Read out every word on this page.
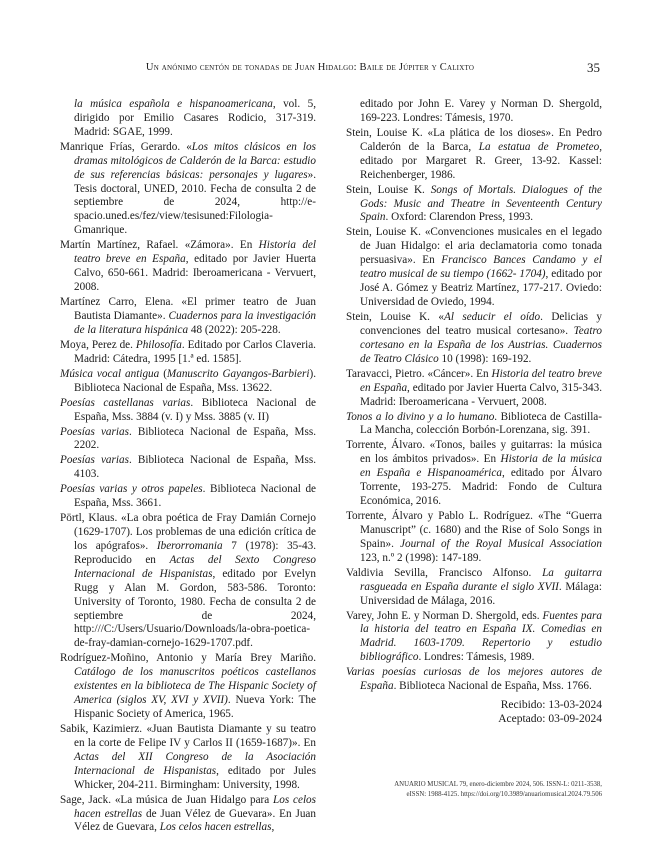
Un anónimo centón de tonadas de Juan Hidalgo: Baile de Júpiter y Calixto	35

la música española e hispanoamericana, vol. 5, dirigido por Emilio Casares Rodicio, 317-319. Madrid: SGAE, 1999.

Manrique Frías, Gerardo. «Los mitos clásicos en los dramas mitológicos de Calderón de la Barca: estudio de sus referencias básicas: personajes y lugares». Tesis doctoral, UNED, 2010. Fecha de consulta 2 de septiembre de 2024, http://e-spacio.uned.es/fez/view/tesisuned:Filologia-Gmanrique.

Martín Martínez, Rafael. «Zámora». En Historia del teatro breve en España, editado por Javier Huerta Calvo, 650-661. Madrid: Iberoamericana - Vervuert, 2008.

Martínez Carro, Elena. «El primer teatro de Juan Bautista Diamante». Cuadernos para la investigación de la literatura hispánica 48 (2022): 205-228.

Moya, Perez de. Philosofía. Editado por Carlos Claveria. Madrid: Cátedra, 1995 [1.ª ed. 1585].

Música vocal antigua (Manuscrito Gayangos-Barbieri). Biblioteca Nacional de España, Mss. 13622.

Poesías castellanas varias. Biblioteca Nacional de España, Mss. 3884 (v. I) y Mss. 3885 (v. II)

Poesías varias. Biblioteca Nacional de España, Mss. 2202.

Poesías varias. Biblioteca Nacional de España, Mss. 4103.

Poesías varias y otros papeles. Biblioteca Nacional de España, Mss. 3661.

Pörtl, Klaus. «La obra poética de Fray Damián Cornejo (1629-1707). Los problemas de una edición crítica de los apógrafos». Iberorromania 7 (1978): 35-43. Reproducido en Actas del Sexto Congreso Internacional de Hispanistas, editado por Evelyn Rugg y Alan M. Gordon, 583-586. Toronto: University of Toronto, 1980. Fecha de consulta 2 de septiembre de 2024, http:///C:/Users/Usuario/Downloads/la-obra-poetica-de-fray-damian-cornejo-1629-1707.pdf.

Rodríguez-Moñino, Antonio y María Brey Mariño. Catálogo de los manuscritos poéticos castellanos existentes en la biblioteca de The Hispanic Society of America (siglos XV, XVI y XVII). Nueva York: The Hispanic Society of America, 1965.

Sabik, Kazimierz. «Juan Bautista Diamante y su teatro en la corte de Felipe IV y Carlos II (1659-1687)». En Actas del XII Congreso de la Asociación Internacional de Hispanistas, editado por Jules Whicker, 204-211. Birmingham: University, 1998.

Sage, Jack. «La música de Juan Hidalgo para Los celos hacen estrellas de Juan Vélez de Guevara». En Juan Vélez de Guevara, Los celos hacen estrellas,

editado por John E. Varey y Norman D. Shergold, 169-223. Londres: Támesis, 1970.

Stein, Louise K. «La plática de los dioses». En Pedro Calderón de la Barca, La estatua de Prometeo, editado por Margaret R. Greer, 13-92. Kassel: Reichenberger, 1986.

Stein, Louise K. Songs of Mortals. Dialogues of the Gods: Music and Theatre in Seventeenth Century Spain. Oxford: Clarendon Press, 1993.

Stein, Louise K. «Convenciones musicales en el legado de Juan Hidalgo: el aria declamatoria como tonada persuasiva». En Francisco Bances Candamo y el teatro musical de su tiempo (1662- 1704), editado por José A. Gómez y Beatriz Martínez, 177-217. Oviedo: Universidad de Oviedo, 1994.

Stein, Louise K. «Al seducir el oído. Delicias y convenciones del teatro musical cortesano». Teatro cortesano en la España de los Austrias. Cuadernos de Teatro Clásico 10 (1998): 169-192.

Taravacci, Pietro. «Cáncer». En Historia del teatro breve en España, editado por Javier Huerta Calvo, 315-343. Madrid: Iberoamericana - Vervuert, 2008.

Tonos a lo divino y a lo humano. Biblioteca de Castilla-La Mancha, colección Borbón-Lorenzana, sig. 391.

Torrente, Álvaro. «Tonos, bailes y guitarras: la música en los ámbitos privados». En Historia de la música en España e Hispanoamérica, editado por Álvaro Torrente, 193-275. Madrid: Fondo de Cultura Económica, 2016.

Torrente, Álvaro y Pablo L. Rodríguez. «The “Guerra Manuscript” (c. 1680) and the Rise of Solo Songs in Spain». Journal of the Royal Musical Association 123, n.º 2 (1998): 147-189.

Valdivia Sevilla, Francisco Alfonso. La guitarra rasgueada en España durante el siglo XVII. Málaga: Universidad de Málaga, 2016.

Varey, John E. y Norman D. Shergold, eds. Fuentes para la historia del teatro en España IX. Comedias en Madrid. 1603-1709. Repertorio y estudio bibliográfico. Londres: Támesis, 1989.

Varias poesías curiosas de los mejores autores de España. Biblioteca Nacional de España, Mss. 1766.

Recibido: 13-03-2024
Aceptado: 03-09-2024
ANUARIO MUSICAL 79, enero-diciembre 2024, 506. ISSN-L: 0211-3538,
eISSN: 1988-4125. https://doi.org/10.3989/anuariomusical.2024.79.506
